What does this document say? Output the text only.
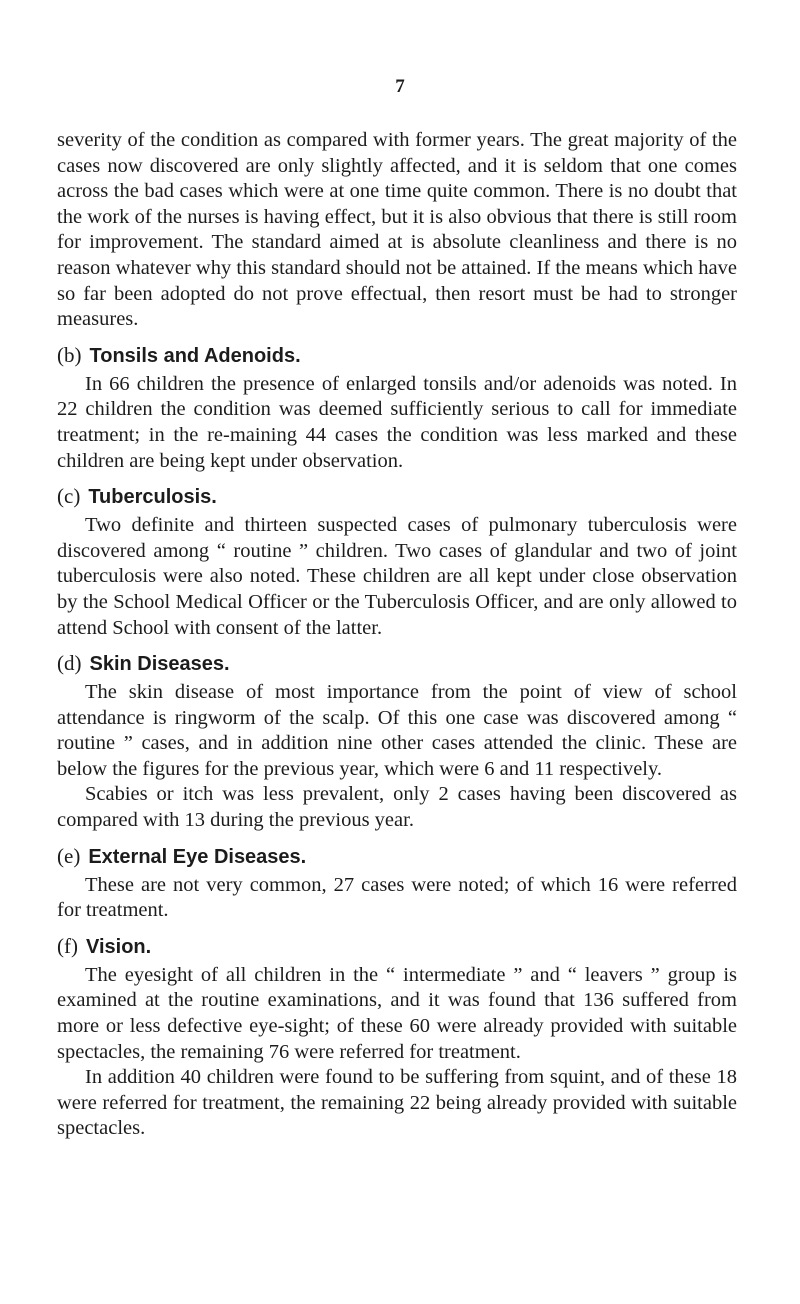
7

severity of the condition as compared with former years. The great majority of the cases now discovered are only slightly affected, and it is seldom that one comes across the bad cases which were at one time quite common. There is no doubt that the work of the nurses is having effect, but it is also obvious that there is still room for improvement. The standard aimed at is absolute cleanliness and there is no reason whatever why this standard should not be attained. If the means which have so far been adopted do not prove effectual, then resort must be had to stronger measures.

(b) Tonsils and Adenoids.

In 66 children the presence of enlarged tonsils and/or adenoids was noted. In 22 children the condition was deemed sufficiently serious to call for immediate treatment; in the re-maining 44 cases the condition was less marked and these children are being kept under observation.

(c) Tuberculosis.

Two definite and thirteen suspected cases of pulmonary tuberculosis were discovered among “ routine ” children. Two cases of glandular and two of joint tuberculosis were also noted. These children are all kept under close observation by the School Medical Officer or the Tuberculosis Officer, and are only allowed to attend School with consent of the latter.

(d) Skin Diseases.

The skin disease of most importance from the point of view of school attendance is ringworm of the scalp. Of this one case was discovered among “ routine ” cases, and in addition nine other cases attended the clinic. These are below the figures for the previous year, which were 6 and 11 respectively.

Scabies or itch was less prevalent, only 2 cases having been discovered as compared with 13 during the previous year.

(e) External Eye Diseases.

These are not very common, 27 cases were noted; of which 16 were referred for treatment.

(f) Vision.

The eyesight of all children in the “ intermediate ” and “ leavers ” group is examined at the routine examinations, and it was found that 136 suffered from more or less defective eye-sight; of these 60 were already provided with suitable spectacles, the remaining 76 were referred for treatment.

In addition 40 children were found to be suffering from squint, and of these 18 were referred for treatment, the remaining 22 being already provided with suitable spectacles.
